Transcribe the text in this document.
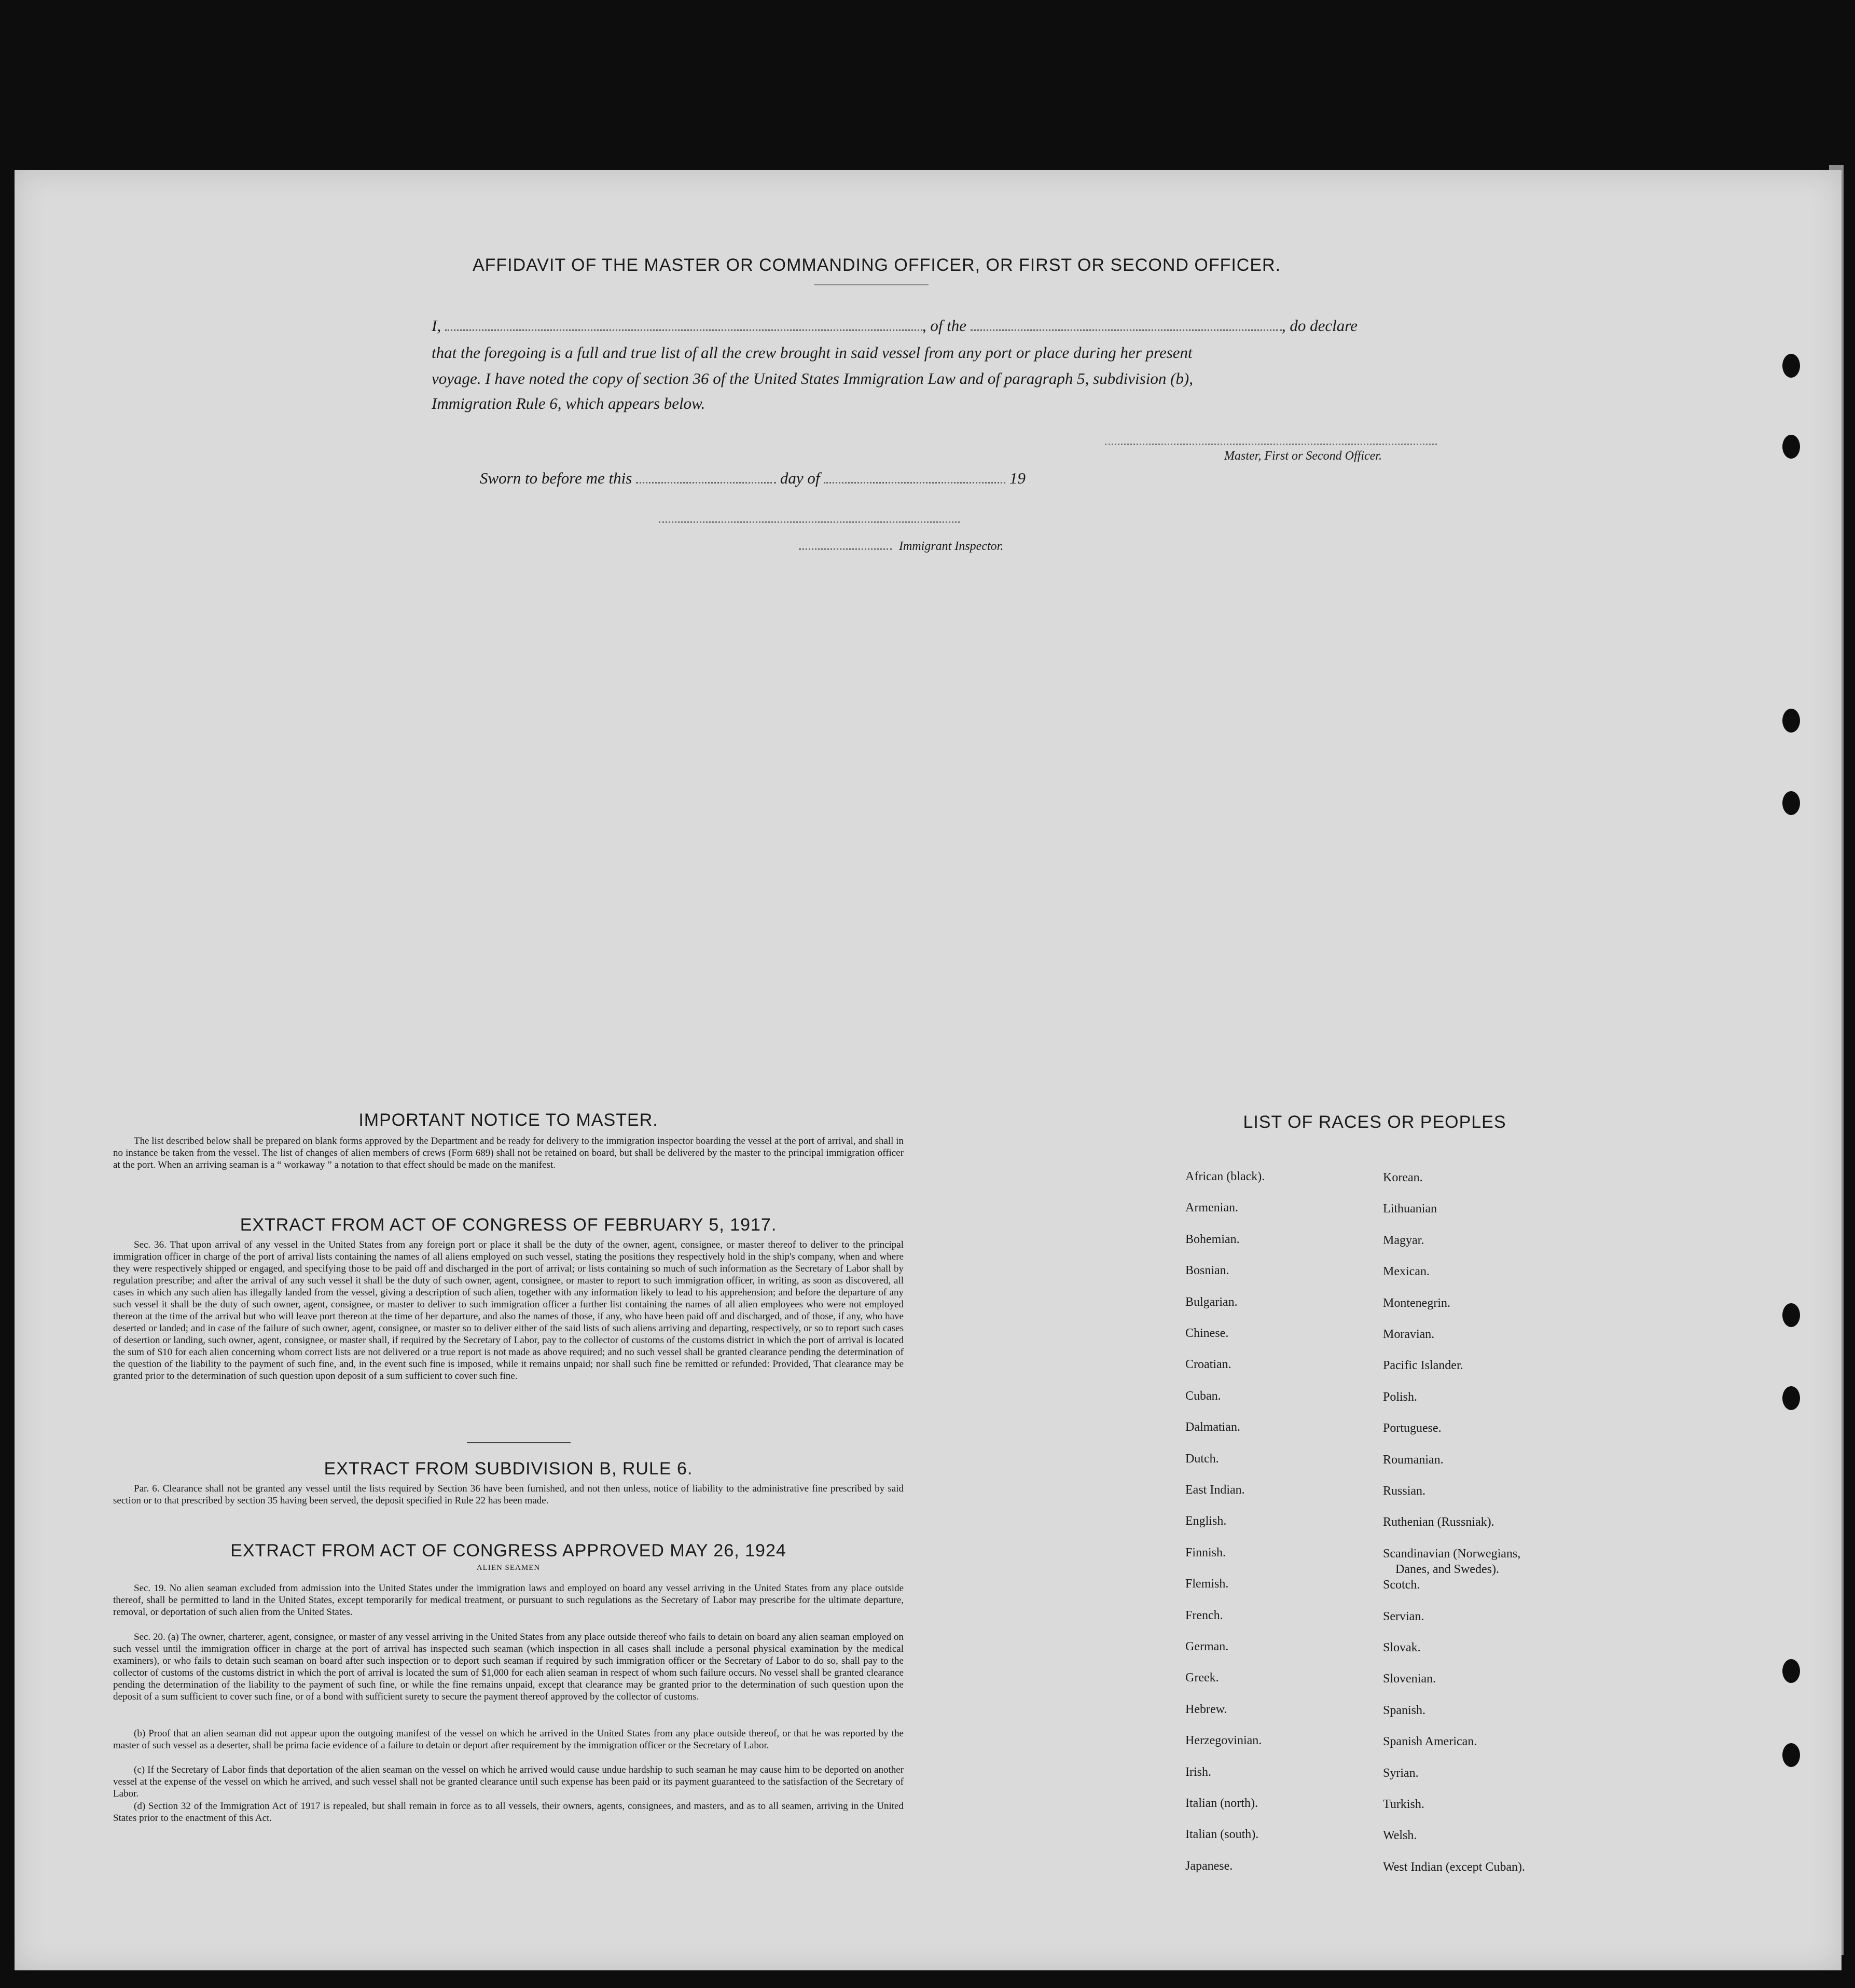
AFFIDAVIT OF THE MASTER OR COMMANDING OFFICER, OR FIRST OR SECOND OFFICER.
I,	, of the	, do declare
that the foregoing is a full and true list of all the crew brought in said vessel from any port or place during her present
voyage. I have noted the copy of section 36 of the United States Immigration Law and of paragraph 5, subdivision (b),
Immigration Rule 6, which appears below.
Master, First or Second Officer.
Sworn to before me this	day of	19
Immigrant Inspector.
IMPORTANT NOTICE TO MASTER.
The list described below shall be prepared on blank forms approved by the Department and be ready for delivery to the immigration inspector boarding the vessel at the port of arrival, and shall in no instance be taken from the vessel. The list of changes of alien members of crews (Form 689) shall not be retained on board, but shall be delivered by the master to the principal immigration officer at the port. When an arriving seaman is a “ workaway ” a notation to that effect should be made on the manifest.
EXTRACT FROM ACT OF CONGRESS OF FEBRUARY 5, 1917.
Sec. 36. That upon arrival of any vessel in the United States from any foreign port or place it shall be the duty of the owner, agent, consignee, or master thereof to deliver to the principal immigration officer in charge of the port of arrival lists containing the names of all aliens employed on such vessel, stating the positions they respectively hold in the ship's company, when and where they were respectively shipped or engaged, and specifying those to be paid off and discharged in the port of arrival; or lists containing so much of such information as the Secretary of Labor shall by regulation prescribe; and after the arrival of any such vessel it shall be the duty of such owner, agent, consignee, or master to report to such immigration officer, in writing, as soon as discovered, all cases in which any such alien has illegally landed from the vessel, giving a description of such alien, together with any information likely to lead to his apprehension; and before the departure of any such vessel it shall be the duty of such owner, agent, consignee, or master to deliver to such immigration officer a further list containing the names of all alien employees who were not employed thereon at the time of the arrival but who will leave port thereon at the time of her departure, and also the names of those, if any, who have been paid off and discharged, and of those, if any, who have deserted or landed; and in case of the failure of such owner, agent, consignee, or master so to deliver either of the said lists of such aliens arriving and departing, respectively, or so to report such cases of desertion or landing, such owner, agent, consignee, or master shall, if required by the Secretary of Labor, pay to the collector of customs of the customs district in which the port of arrival is located the sum of $10 for each alien concerning whom correct lists are not delivered or a true report is not made as above required; and no such vessel shall be granted clearance pending the determination of the question of the liability to the payment of such fine, and, in the event such fine is imposed, while it remains unpaid; nor shall such fine be remitted or refunded: Provided, That clearance may be granted prior to the determination of such question upon deposit of a sum sufficient to cover such fine.
EXTRACT FROM SUBDIVISION B, RULE 6.
Par. 6. Clearance shall not be granted any vessel until the lists required by Section 36 have been furnished, and not then unless, notice of liability to the administrative fine prescribed by said section or to that prescribed by section 35 having been served, the deposit specified in Rule 22 has been made.
EXTRACT FROM ACT OF CONGRESS APPROVED MAY 26, 1924
ALIEN SEAMEN
Sec. 19. No alien seaman excluded from admission into the United States under the immigration laws and employed on board any vessel arriving in the United States from any place outside thereof, shall be permitted to land in the United States, except temporarily for medical treatment, or pursuant to such regulations as the Secretary of Labor may prescribe for the ultimate departure, removal, or deportation of such alien from the United States.
Sec. 20. (a) The owner, charterer, agent, consignee, or master of any vessel arriving in the United States from any place outside thereof who fails to detain on board any alien seaman employed on such vessel until the immigration officer in charge at the port of arrival has inspected such seaman (which inspection in all cases shall include a personal physical examination by the medical examiners), or who fails to detain such seaman on board after such inspection or to deport such seaman if required by such immigration officer or the Secretary of Labor to do so, shall pay to the collector of customs of the customs district in which the port of arrival is located the sum of $1,000 for each alien seaman in respect of whom such failure occurs. No vessel shall be granted clearance pending the determination of the liability to the payment of such fine, or while the fine remains unpaid, except that clearance may be granted prior to the determination of such question upon the deposit of a sum sufficient to cover such fine, or of a bond with sufficient surety to secure the payment thereof approved by the collector of customs.
(b) Proof that an alien seaman did not appear upon the outgoing manifest of the vessel on which he arrived in the United States from any place outside thereof, or that he was reported by the master of such vessel as a deserter, shall be prima facie evidence of a failure to detain or deport after requirement by the immigration officer or the Secretary of Labor.
(c) If the Secretary of Labor finds that deportation of the alien seaman on the vessel on which he arrived would cause undue hardship to such seaman he may cause him to be deported on another vessel at the expense of the vessel on which he arrived, and such vessel shall not be granted clearance until such expense has been paid or its payment guaranteed to the satisfaction of the Secretary of Labor.
(d) Section 32 of the Immigration Act of 1917 is repealed, but shall remain in force as to all vessels, their owners, agents, consignees, and masters, and as to all seamen, arriving in the United States prior to the enactment of this Act.
LIST OF RACES OR PEOPLES
African (black).
Armenian.
Bohemian.
Bosnian.
Bulgarian.
Chinese.
Croatian.
Cuban.
Dalmatian.
Dutch.
East Indian.
English.
Finnish.
Flemish.
French.
German.
Greek.
Hebrew.
Herzegovinian.
Irish.
Italian (north).
Italian (south).
Japanese.
Korean.
Lithuanian
Magyar.
Mexican.
Montenegrin.
Moravian.
Pacific Islander.
Polish.
Portuguese.
Roumanian.
Russian.
Ruthenian (Russniak).
Scandinavian (Norwegians,
Danes, and Swedes).
Scotch.
Servian.
Slovak.
Slovenian.
Spanish.
Spanish American.
Syrian.
Turkish.
Welsh.
West Indian (except Cuban).
